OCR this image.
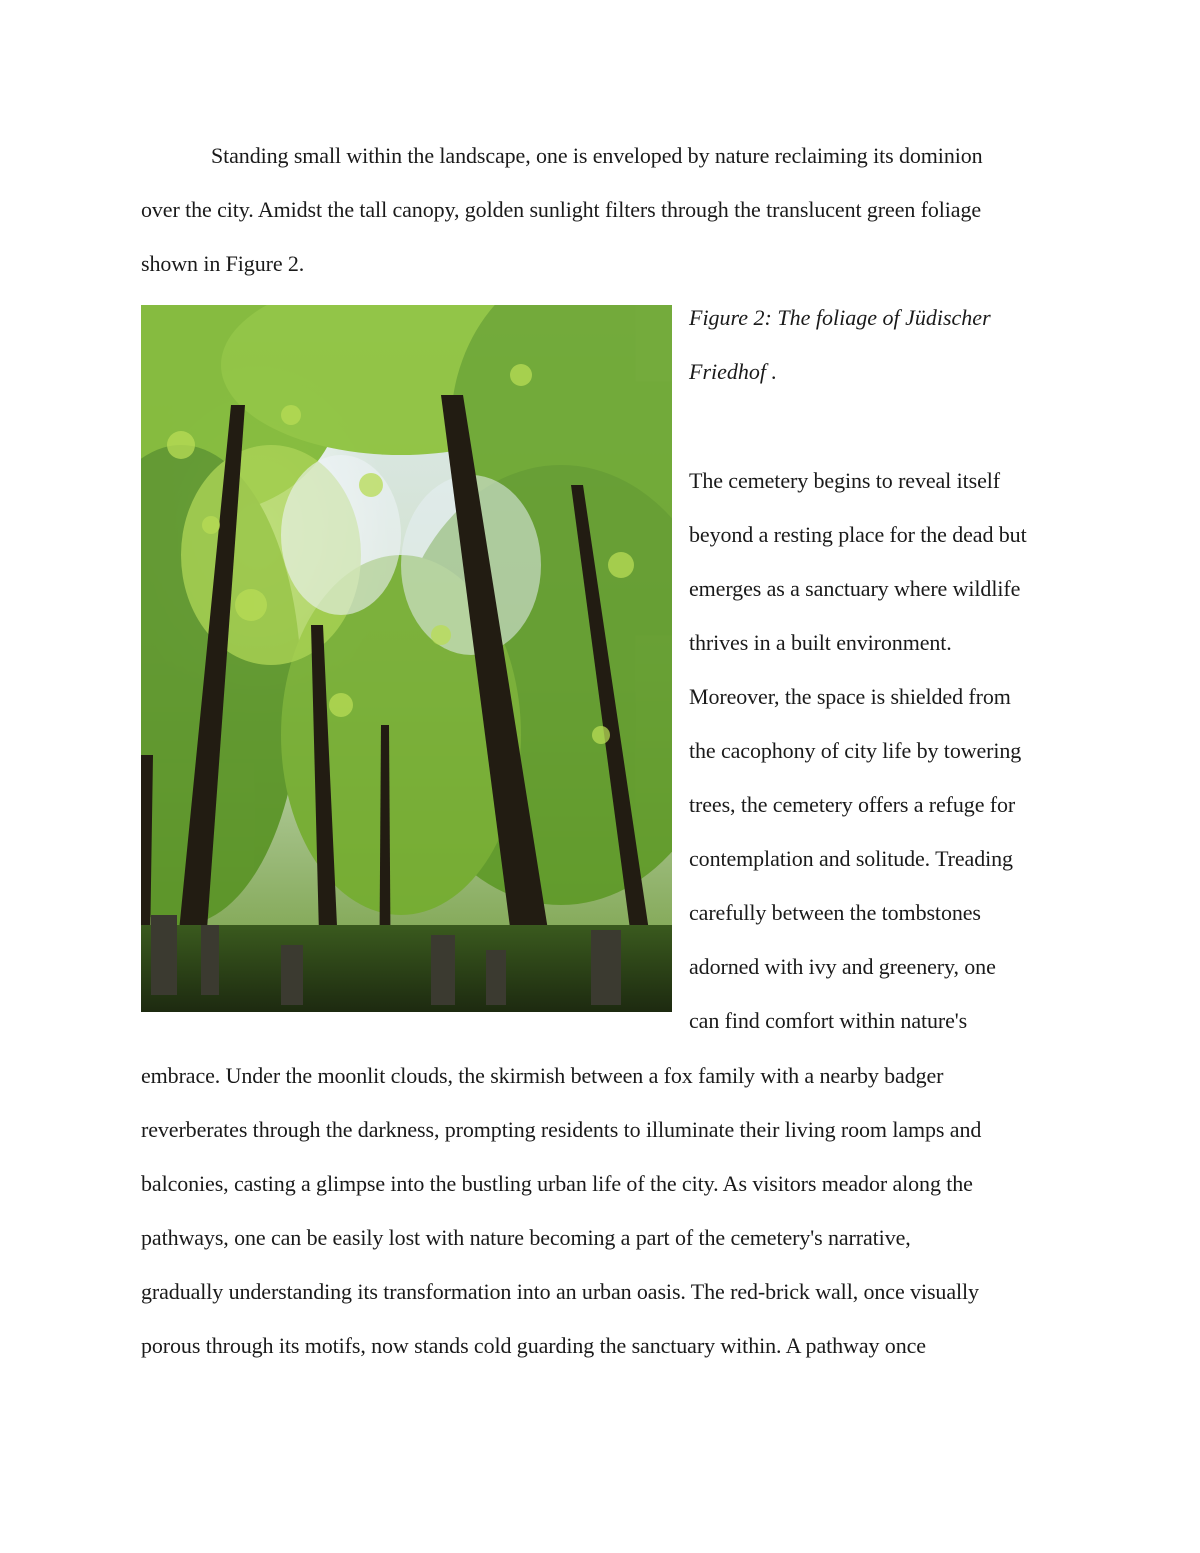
Standing small within the landscape, one is enveloped by nature reclaiming its dominion
over the city. Amidst the tall canopy, golden sunlight filters through the translucent green foliage
shown in Figure 2.
Figure 2: The foliage of Jüdischer
Friedhof .
The cemetery begins to reveal itself
beyond a resting place for the dead but
emerges as a sanctuary where wildlife
thrives in a built environment.
Moreover, the space is shielded from
the cacophony of city life by towering
trees, the cemetery offers a refuge for
contemplation and solitude. Treading
carefully between the tombstones
adorned with ivy and greenery, one
can find comfort within nature's
embrace. Under the moonlit clouds, the skirmish between a fox family with a nearby badger
reverberates through the darkness, prompting residents to illuminate their living room lamps and
balconies, casting a glimpse into the bustling urban life of the city. As visitors meador along the
pathways, one can be easily lost with nature becoming a part of the cemetery's narrative,
gradually understanding its transformation into an urban oasis. The red-brick wall, once visually
porous through its motifs, now stands cold guarding the sanctuary within. A pathway once
